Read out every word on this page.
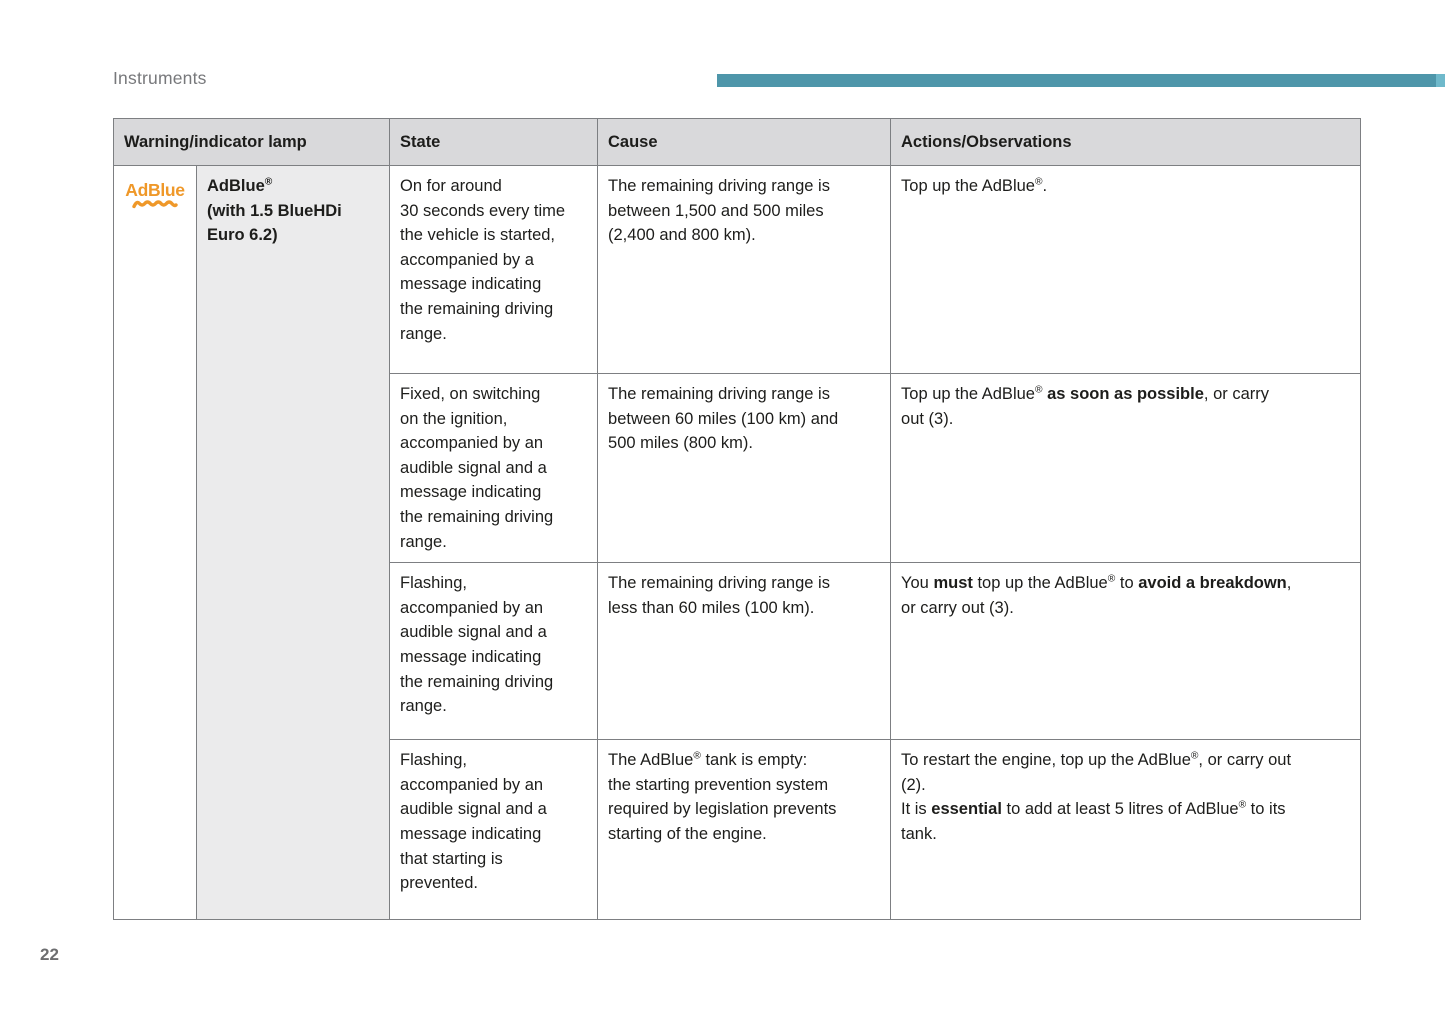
Instruments
Warning/indicator lamp		State	Cause	Actions/Observations

AdBlue	AdBlue®
(with 1.5 BlueHDi
Euro 6.2)	On for around
30 seconds every time
the vehicle is started,
accompanied by a
message indicating
the remaining driving
range.	The remaining driving range is
between 1,500 and 500 miles
(2,400 and 800 km).	Top up the AdBlue®.
Fixed, on switching
on the ignition,
accompanied by an
audible signal and a
message indicating
the remaining driving
range.	The remaining driving range is
between 60 miles (100 km) and
500 miles (800 km).	Top up the AdBlue® as soon as possible, or carry
out (3).
Flashing,
accompanied by an
audible signal and a
message indicating
the remaining driving
range.	The remaining driving range is
less than 60 miles (100 km).	You must top up the AdBlue® to avoid a breakdown,
or carry out (3).
Flashing,
accompanied by an
audible signal and a
message indicating
that starting is
prevented.	The AdBlue® tank is empty:
the starting prevention system
required by legislation prevents
starting of the engine.	To restart the engine, top up the AdBlue®, or carry out
(2).
It is essential to add at least 5 litres of AdBlue® to its
tank.
22
